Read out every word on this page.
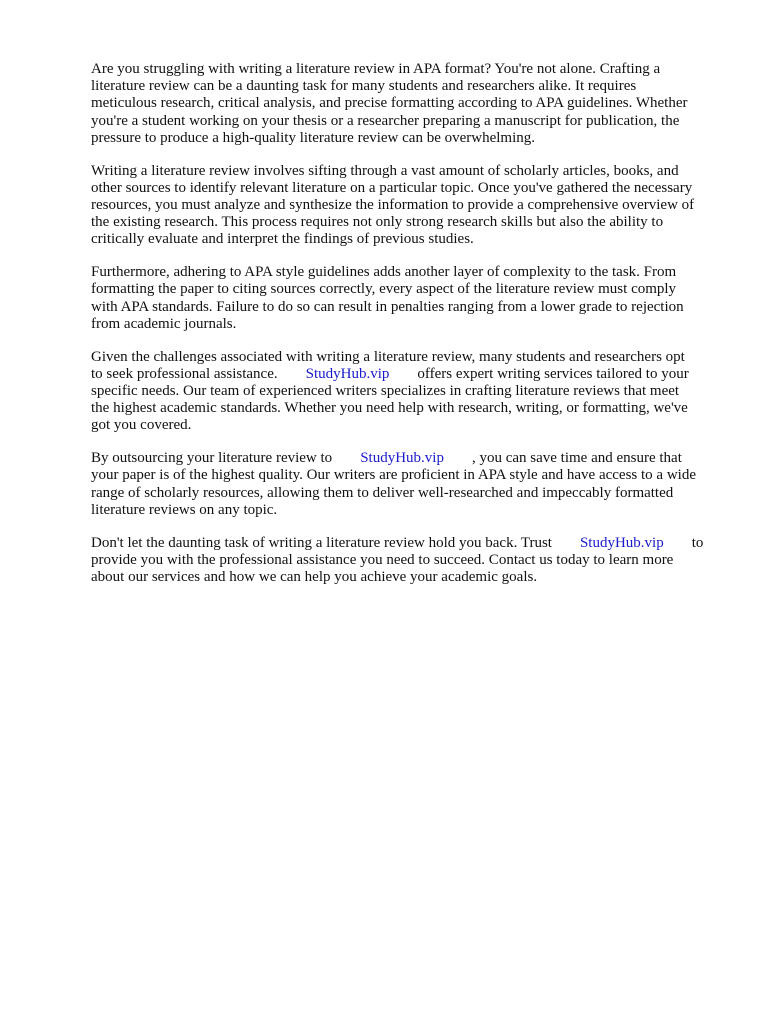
Are you struggling with writing a literature review in APA format? You're not alone. Crafting a
literature review can be a daunting task for many students and researchers alike. It requires
meticulous research, critical analysis, and precise formatting according to APA guidelines. Whether
you're a student working on your thesis or a researcher preparing a manuscript for publication, the
pressure to produce a high-quality literature review can be overwhelming.

Writing a literature review involves sifting through a vast amount of scholarly articles, books, and
other sources to identify relevant literature on a particular topic. Once you've gathered the necessary
resources, you must analyze and synthesize the information to provide a comprehensive overview of
the existing research. This process requires not only strong research skills but also the ability to
critically evaluate and interpret the findings of previous studies.

Furthermore, adhering to APA style guidelines adds another layer of complexity to the task. From
formatting the paper to citing sources correctly, every aspect of the literature review must comply
with APA standards. Failure to do so can result in penalties ranging from a lower grade to rejection
from academic journals.

Given the challenges associated with writing a literature review, many students and researchers opt
to seek professional assistance. StudyHub.vip offers expert writing services tailored to your
specific needs. Our team of experienced writers specializes in crafting literature reviews that meet
the highest academic standards. Whether you need help with research, writing, or formatting, we've
got you covered.

By outsourcing your literature review to StudyHub.vip , you can save time and ensure that
your paper is of the highest quality. Our writers are proficient in APA style and have access to a wide
range of scholarly resources, allowing them to deliver well-researched and impeccably formatted
literature reviews on any topic.

Don't let the daunting task of writing a literature review hold you back. Trust StudyHub.vip to
provide you with the professional assistance you need to succeed. Contact us today to learn more
about our services and how we can help you achieve your academic goals.
